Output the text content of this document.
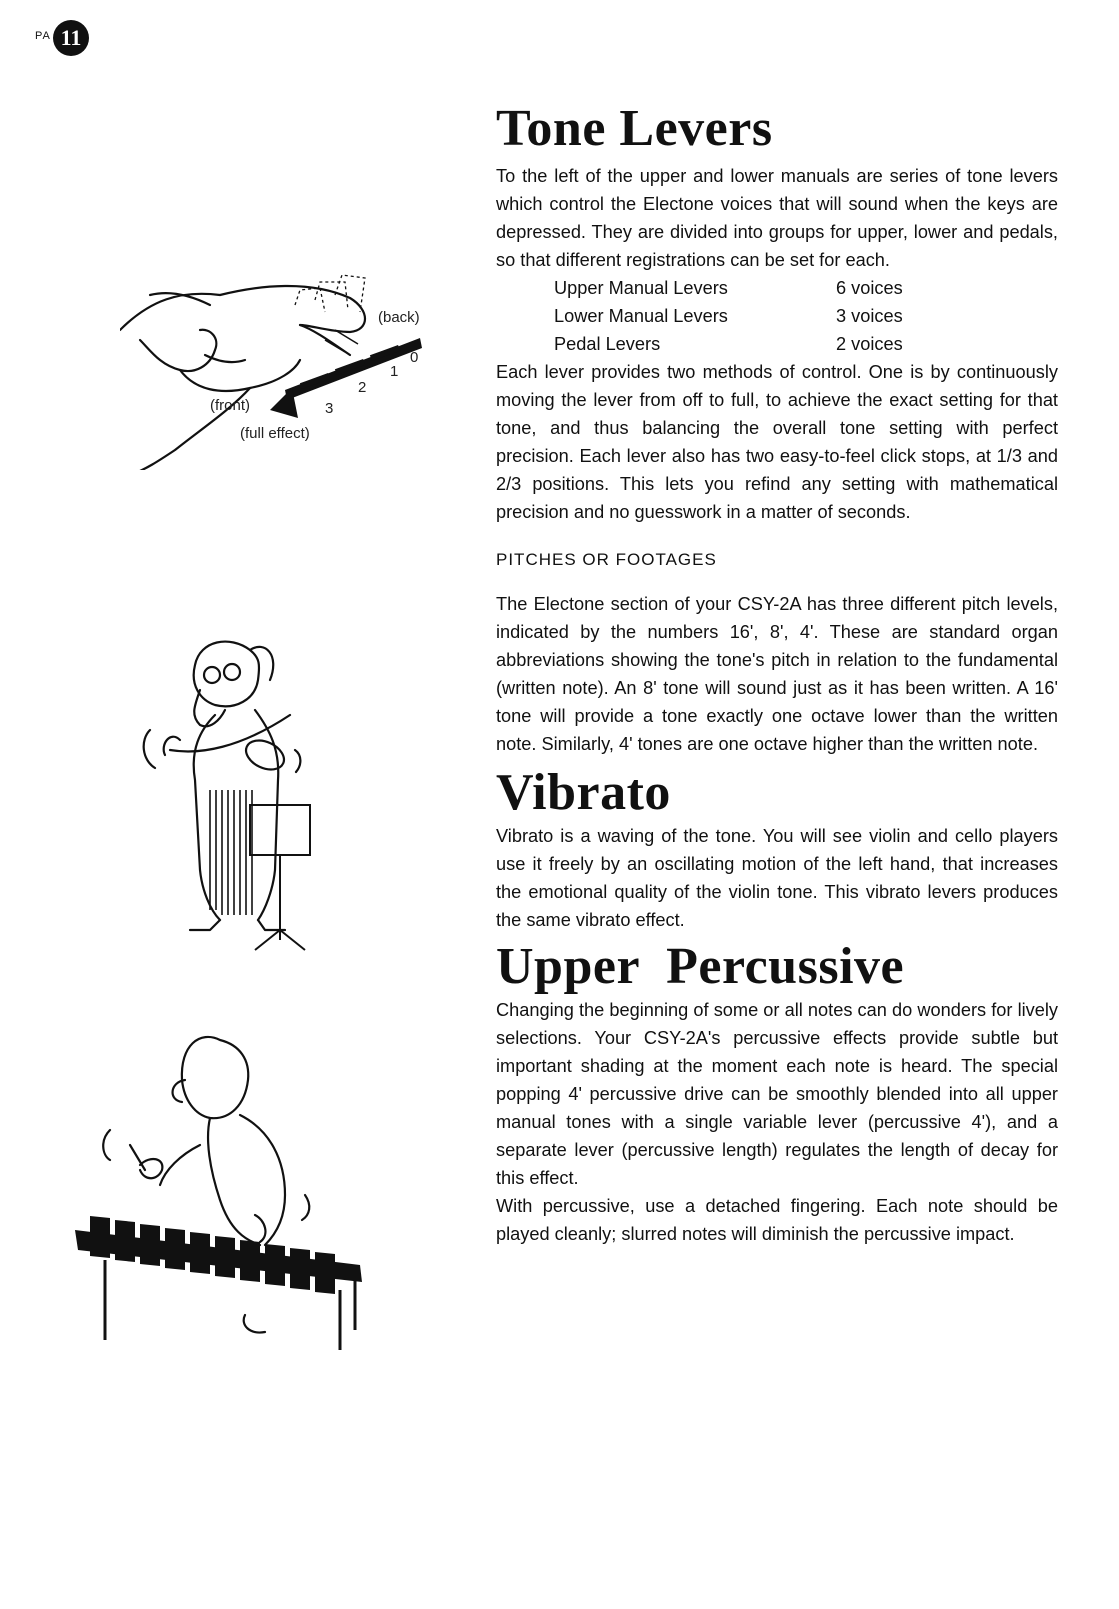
PA 11
(back)
(front)
(full effect)
0
1
2
3
Tone Levers

To the left of the upper and lower manuals are series of tone levers which control the Electone voices that will sound when the keys are depressed. They are divided into groups for upper, lower and pedals, so that different registrations can be set for each.

Upper Manual Levers	6 voices
Lower Manual Levers	3 voices
Pedal Levers	2 voices

Each lever provides two methods of control. One is by continuously moving the lever from off to full, to achieve the exact setting for that tone, and thus balancing the overall tone setting with perfect precision. Each lever also has two easy-to-feel click stops, at 1/3 and 2/3 positions. This lets you refind any setting with mathematical precision and no guesswork in a matter of seconds.

PITCHES OR FOOTAGES

The Electone section of your CSY-2A has three different pitch levels, indicated by the numbers 16', 8', 4'. These are standard organ abbreviations showing the tone's pitch in relation to the fundamental (written note). An 8' tone will sound just as it has been written. A 16' tone will provide a tone exactly one octave lower than the written note. Similarly, 4' tones are one octave higher than the written note.

Vibrato

Vibrato is a waving of the tone. You will see violin and cello players use it freely by an oscillating motion of the left hand, that increases the emotional quality of the violin tone. This vibrato levers produces the same vibrato effect.

Upper  Percussive

Changing the beginning of some or all notes can do wonders for lively selections. Your CSY-2A's percussive effects provide subtle but important shading at the moment each note is heard. The special popping 4' percussive drive can be smoothly blended into all upper manual tones with a single variable lever (percussive 4'), and a separate lever (percussive length) regulates the length of decay for this effect.

With percussive, use a detached fingering. Each note should be played cleanly; slurred notes will diminish the percussive impact.
